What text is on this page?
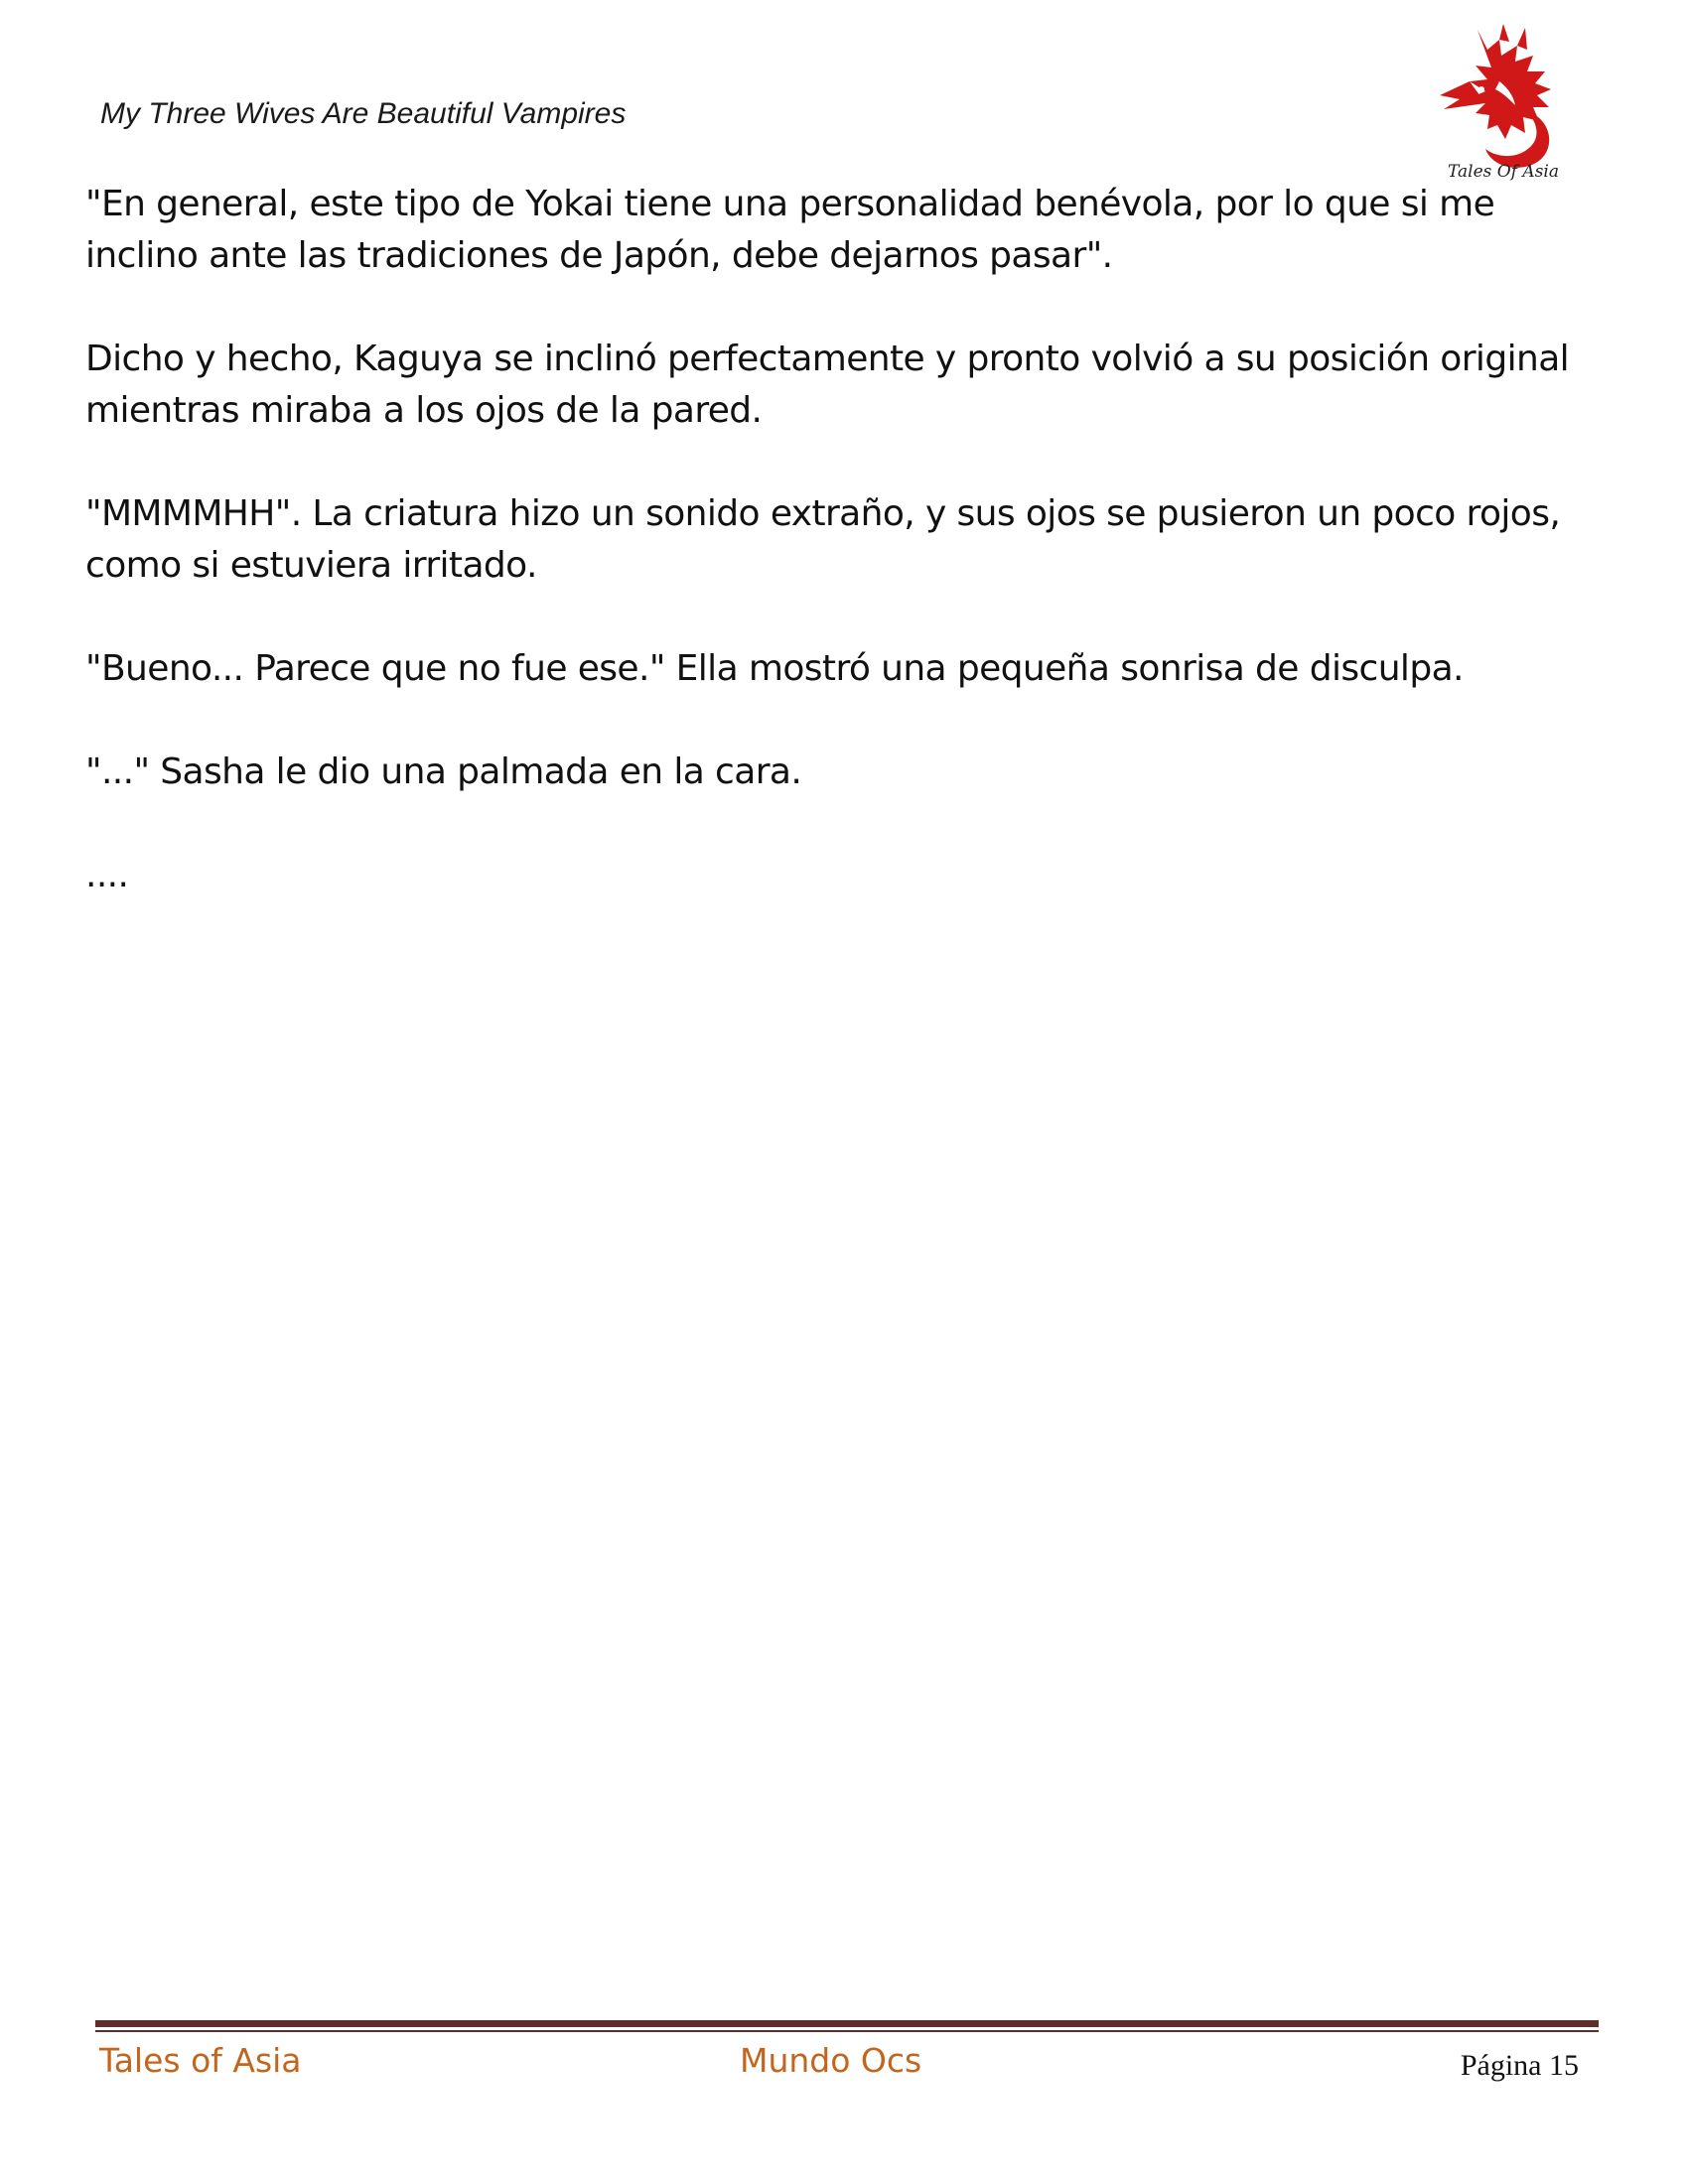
My Three Wives Are Beautiful Vampires
Tales Of Asia

"En general, este tipo de Yokai tiene una personalidad benévola, por lo que si me inclino ante las tradiciones de Japón, debe dejarnos pasar".

Dicho y hecho, Kaguya se inclinó perfectamente y pronto volvió a su posición original mientras miraba a los ojos de la pared.

"MMMMHH". La criatura hizo un sonido extraño, y sus ojos se pusieron un poco rojos, como si estuviera irritado.

"Bueno... Parece que no fue ese." Ella mostró una pequeña sonrisa de disculpa.

"..." Sasha le dio una palmada en la cara.

....

Tales of Asia	Mundo Ocs	Página 15
